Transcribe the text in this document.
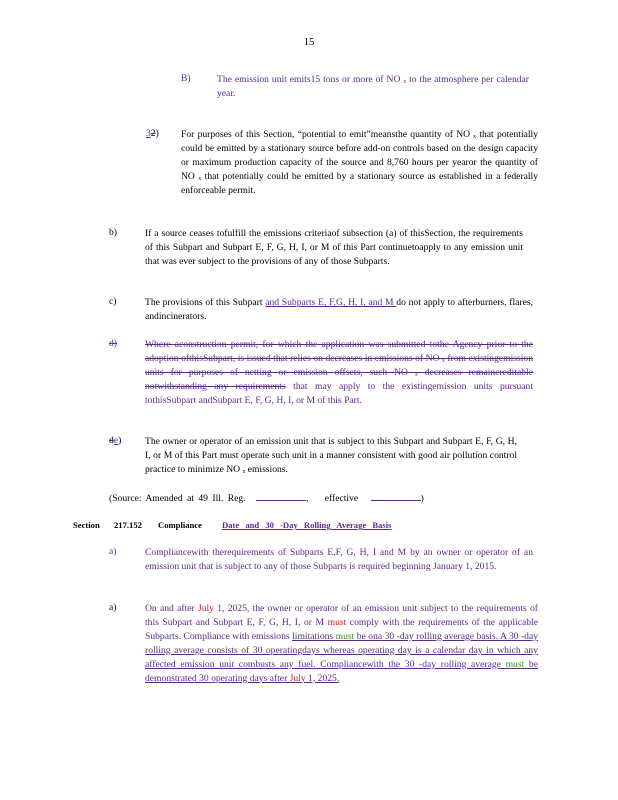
15
B)	The emission unit emits15 tons or more of NO ₓ to the atmosphere per calendar year.
32) For purposes of this Section, “potential to emit”meansthe quantity of NO ₓ that potentially could be emitted by a stationary source before add-on controls based on the design capacity or maximum production capacity of the source and 8,760 hours per yearor the quantity of NO ₓ that potentially could be emitted by a stationary source as established in a federally enforceable permit.
b)	If a source ceases tofulfill the emissions criteriaof subsection (a) of thisSection, the requirements of this Subpart and Subpart E, F, G, H, I, or M of this Part continuetoapply to any emission unit that was ever subject to the provisions of any of those Subparts.
c)	The provisions of this Subpart and Subparts E, F,G, H, I, and M do not apply to afterburners, flares, andincinerators.
d)	Where aconstruction permit, for which the application was submitted tothe Agency prior to the adoption ofthisSubpart, is issued that relies on decreases in emissions of NO ₓ from existingemission units for purposes of netting or emission offsets, such NO ₓ decreases remaincreditable notwithstanding any requirements that may apply to the existingemission units pursuant tothisSubpart andSubpart E, F, G, H, I, or M of this Part.
de) The owner or operator of an emission unit that is subject to this Subpart and Subpart E, F, G, H, I, or M of this Part must operate such unit in a manner consistent with good air pollution control practice to minimize NO ₓ emissions.
(Source: Amended at 49 Ill. Reg.	, effective	)
Section 217.152 Compliance Date and 30 -Day Rolling Average Basis
a)	Compliancewith therequirements of Subparts E,F, G, H, I and M by an owner or operator of an emission unit that is subject to any of those Subparts is required beginning January 1, 2015.
a)	On and after July 1, 2025, the owner or operator of an emission unit subject to the requirements of this Subpart and Subpart E, F, G, H, I, or M must comply with the requirements of the applicable Subparts. Compliance with emissions limitations must be ona 30 -day rolling average basis. A 30 -day rolling average consists of 30 operatingdays whereas operating day is a calendar day in which any affected emission unit combusts any fuel. Compliancewith the 30 -day rolling average must be demonstrated 30 operating days after July 1, 2025.
